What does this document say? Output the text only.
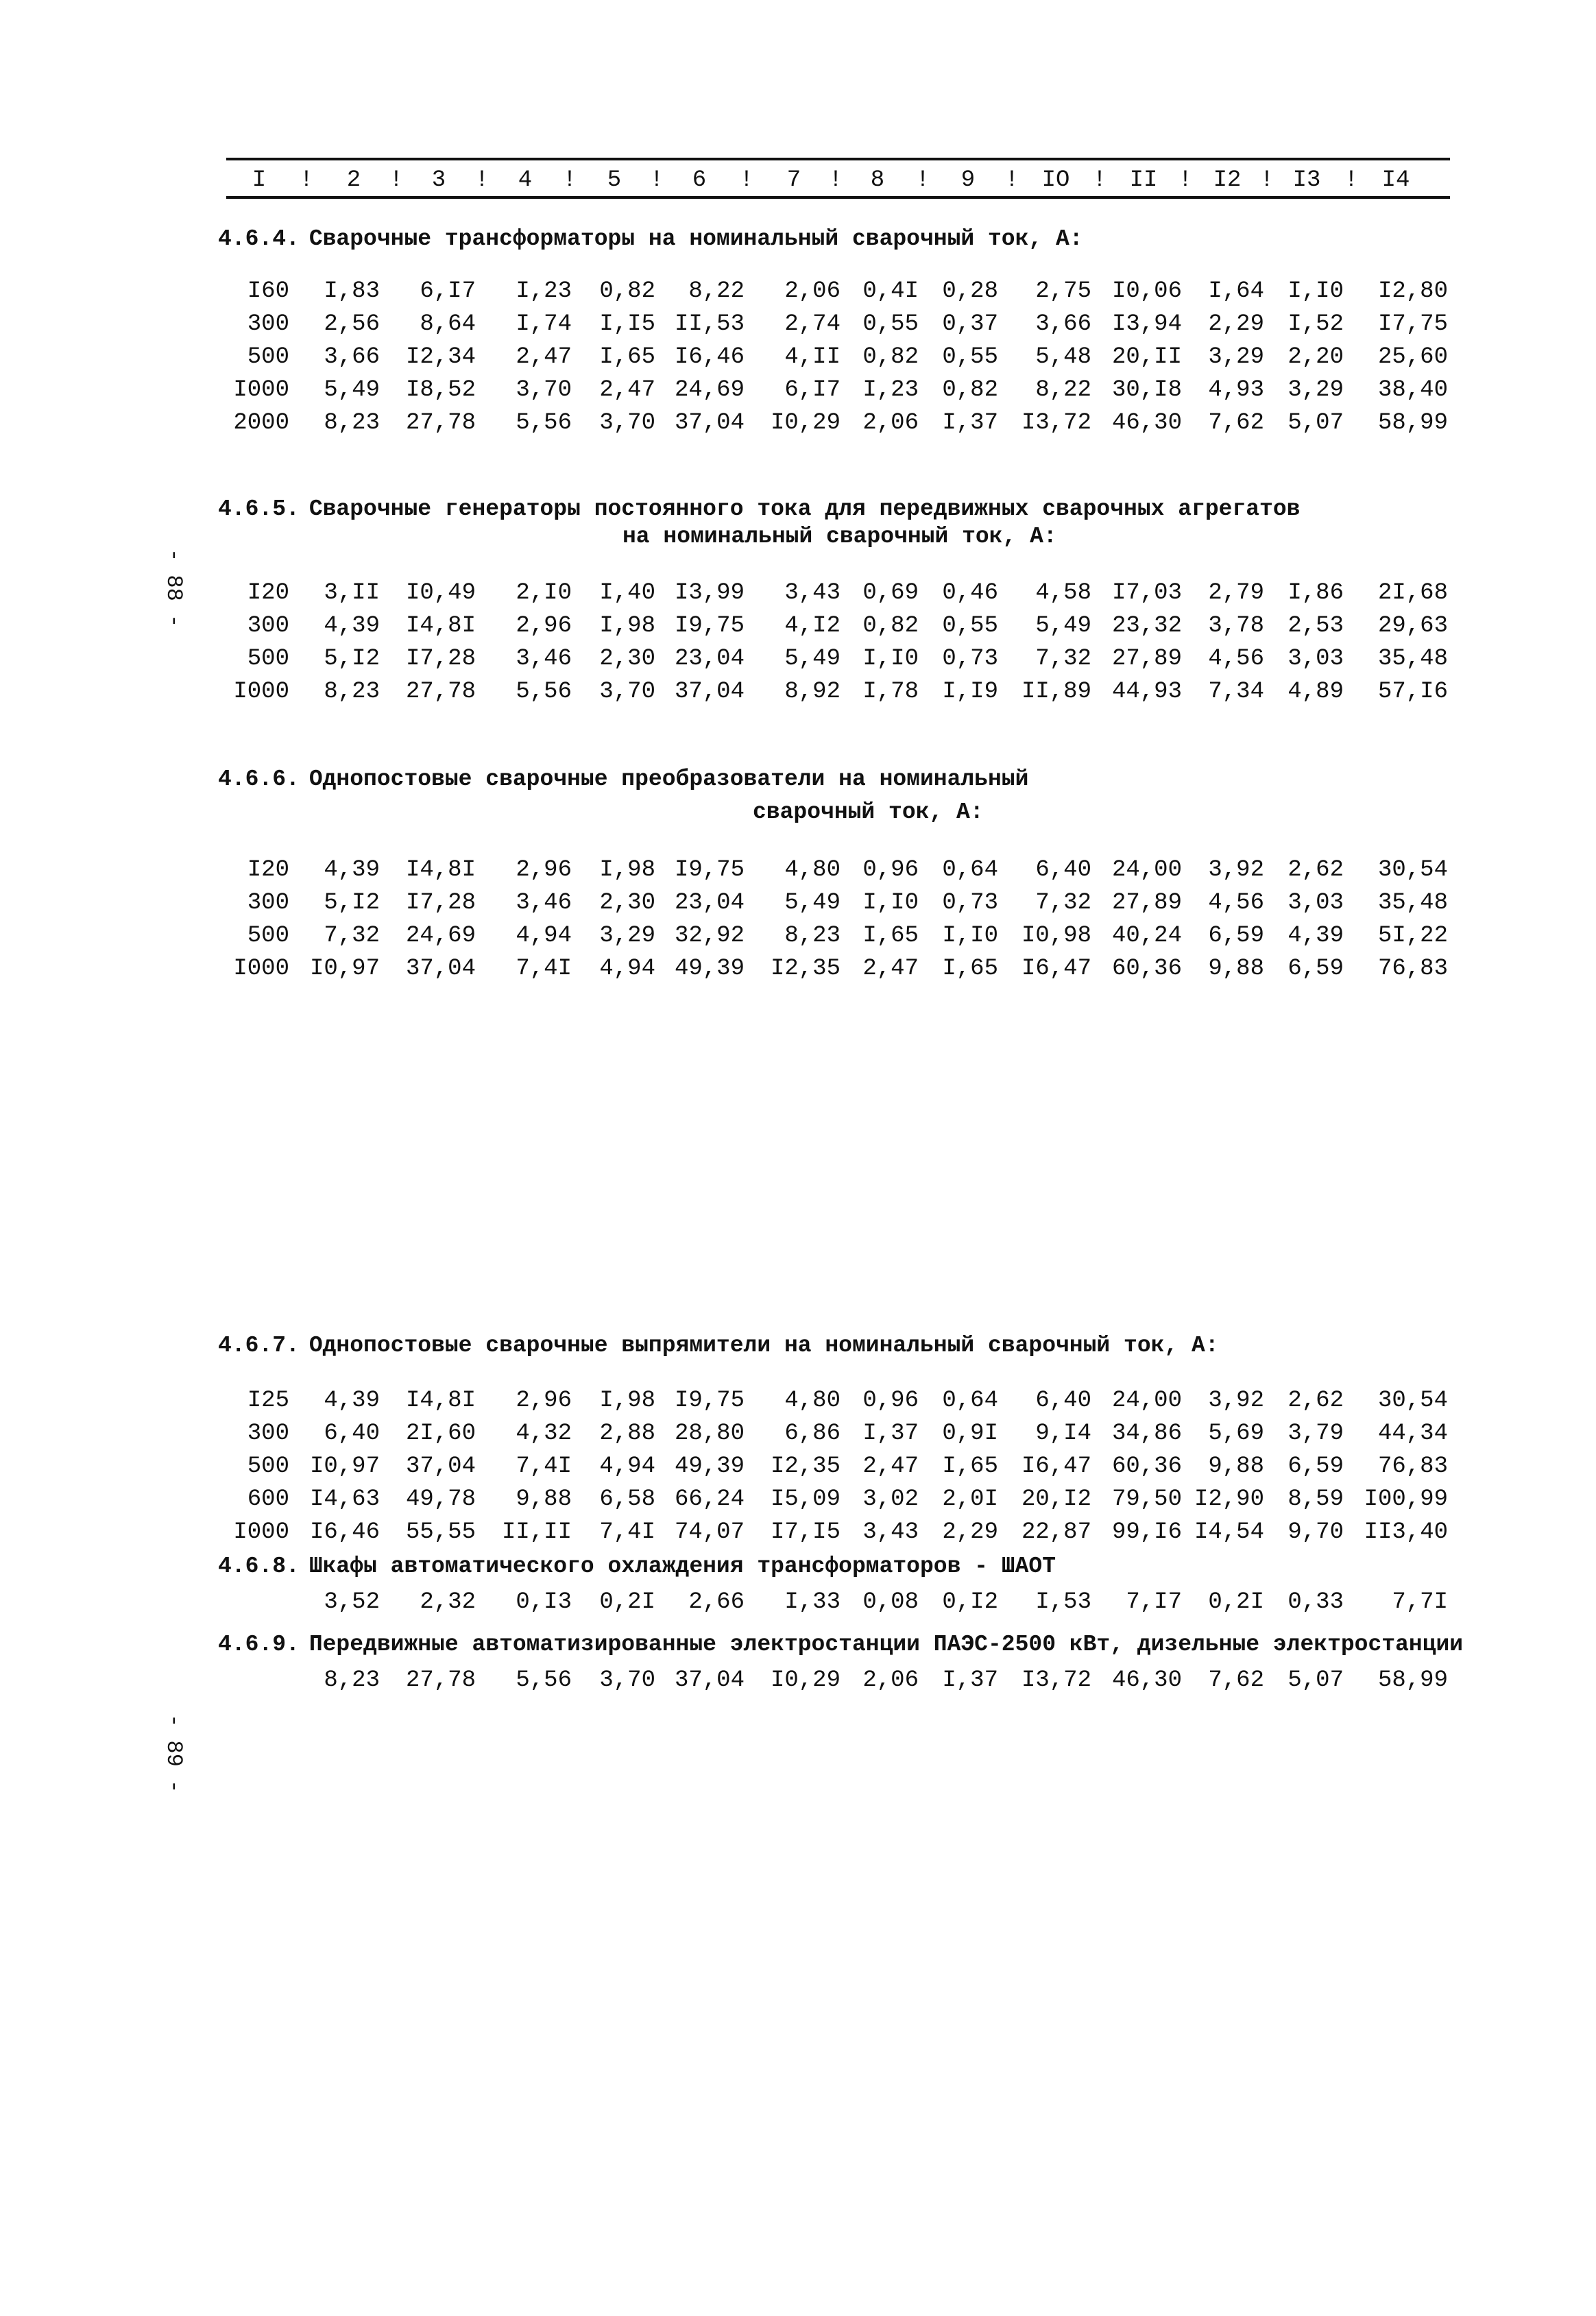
I ! 2 ! 3 ! 4 ! 5 ! 6 ! 7 ! 8 ! 9 ! IO ! II ! I2 ! I3 ! I4
- 88 -
- 89 -
4.6.4. Сварочные трансформаторы на номинальный сварочный ток, А:
I60 I,83 6,I7 I,23 0,82 8,22 2,06 0,4I 0,28 2,75 I0,06 I,64 I,I0 I2,80
300 2,56 8,64 I,74 I,I5 II,53 2,74 0,55 0,37 3,66 I3,94 2,29 I,52 I7,75
500 3,66 I2,34 2,47 I,65 I6,46 4,II 0,82 0,55 5,48 20,II 3,29 2,20 25,60
I000 5,49 I8,52 3,70 2,47 24,69 6,I7 I,23 0,82 8,22 30,I8 4,93 3,29 38,40
2000 8,23 27,78 5,56 3,70 37,04 I0,29 2,06 I,37 I3,72 46,30 7,62 5,07 58,99
4.6.5. Сварочные генераторы постоянного тока для передвижных сварочных агрегатов
на номинальный сварочный ток, А:
I20 3,II I0,49 2,I0 I,40 I3,99 3,43 0,69 0,46 4,58 I7,03 2,79 I,86 2I,68
300 4,39 I4,8I 2,96 I,98 I9,75 4,I2 0,82 0,55 5,49 23,32 3,78 2,53 29,63
500 5,I2 I7,28 3,46 2,30 23,04 5,49 I,I0 0,73 7,32 27,89 4,56 3,03 35,48
I000 8,23 27,78 5,56 3,70 37,04 8,92 I,78 I,I9 II,89 44,93 7,34 4,89 57,I6
4.6.6. Однопостовые сварочные преобразователи на номинальный
сварочный ток, А:
I20 4,39 I4,8I 2,96 I,98 I9,75 4,80 0,96 0,64 6,40 24,00 3,92 2,62 30,54
300 5,I2 I7,28 3,46 2,30 23,04 5,49 I,I0 0,73 7,32 27,89 4,56 3,03 35,48
500 7,32 24,69 4,94 3,29 32,92 8,23 I,65 I,I0 I0,98 40,24 6,59 4,39 5I,22
I000 I0,97 37,04 7,4I 4,94 49,39 I2,35 2,47 I,65 I6,47 60,36 9,88 6,59 76,83
4.6.7. Однопостовые сварочные выпрямители на номинальный сварочный ток, А:
I25 4,39 I4,8I 2,96 I,98 I9,75 4,80 0,96 0,64 6,40 24,00 3,92 2,62 30,54
300 6,40 2I,60 4,32 2,88 28,80 6,86 I,37 0,9I 9,I4 34,86 5,69 3,79 44,34
500 I0,97 37,04 7,4I 4,94 49,39 I2,35 2,47 I,65 I6,47 60,36 9,88 6,59 76,83
600 I4,63 49,78 9,88 6,58 66,24 I5,09 3,02 2,0I 20,I2 79,50 I2,90 8,59 I00,99
I000 I6,46 55,55 II,II 7,4I 74,07 I7,I5 3,43 2,29 22,87 99,I6 I4,54 9,70 II3,40
4.6.8. Шкафы автоматического охлаждения трансформаторов - ШАОТ
3,52 2,32 0,I3 0,2I 2,66 I,33 0,08 0,I2 I,53 7,I7 0,2I 0,33 7,7I
4.6.9. Передвижные автоматизированные электростанции ПАЭС-2500 кВт, дизельные электростанции
8,23 27,78 5,56 3,70 37,04 I0,29 2,06 I,37 I3,72 46,30 7,62 5,07 58,99
